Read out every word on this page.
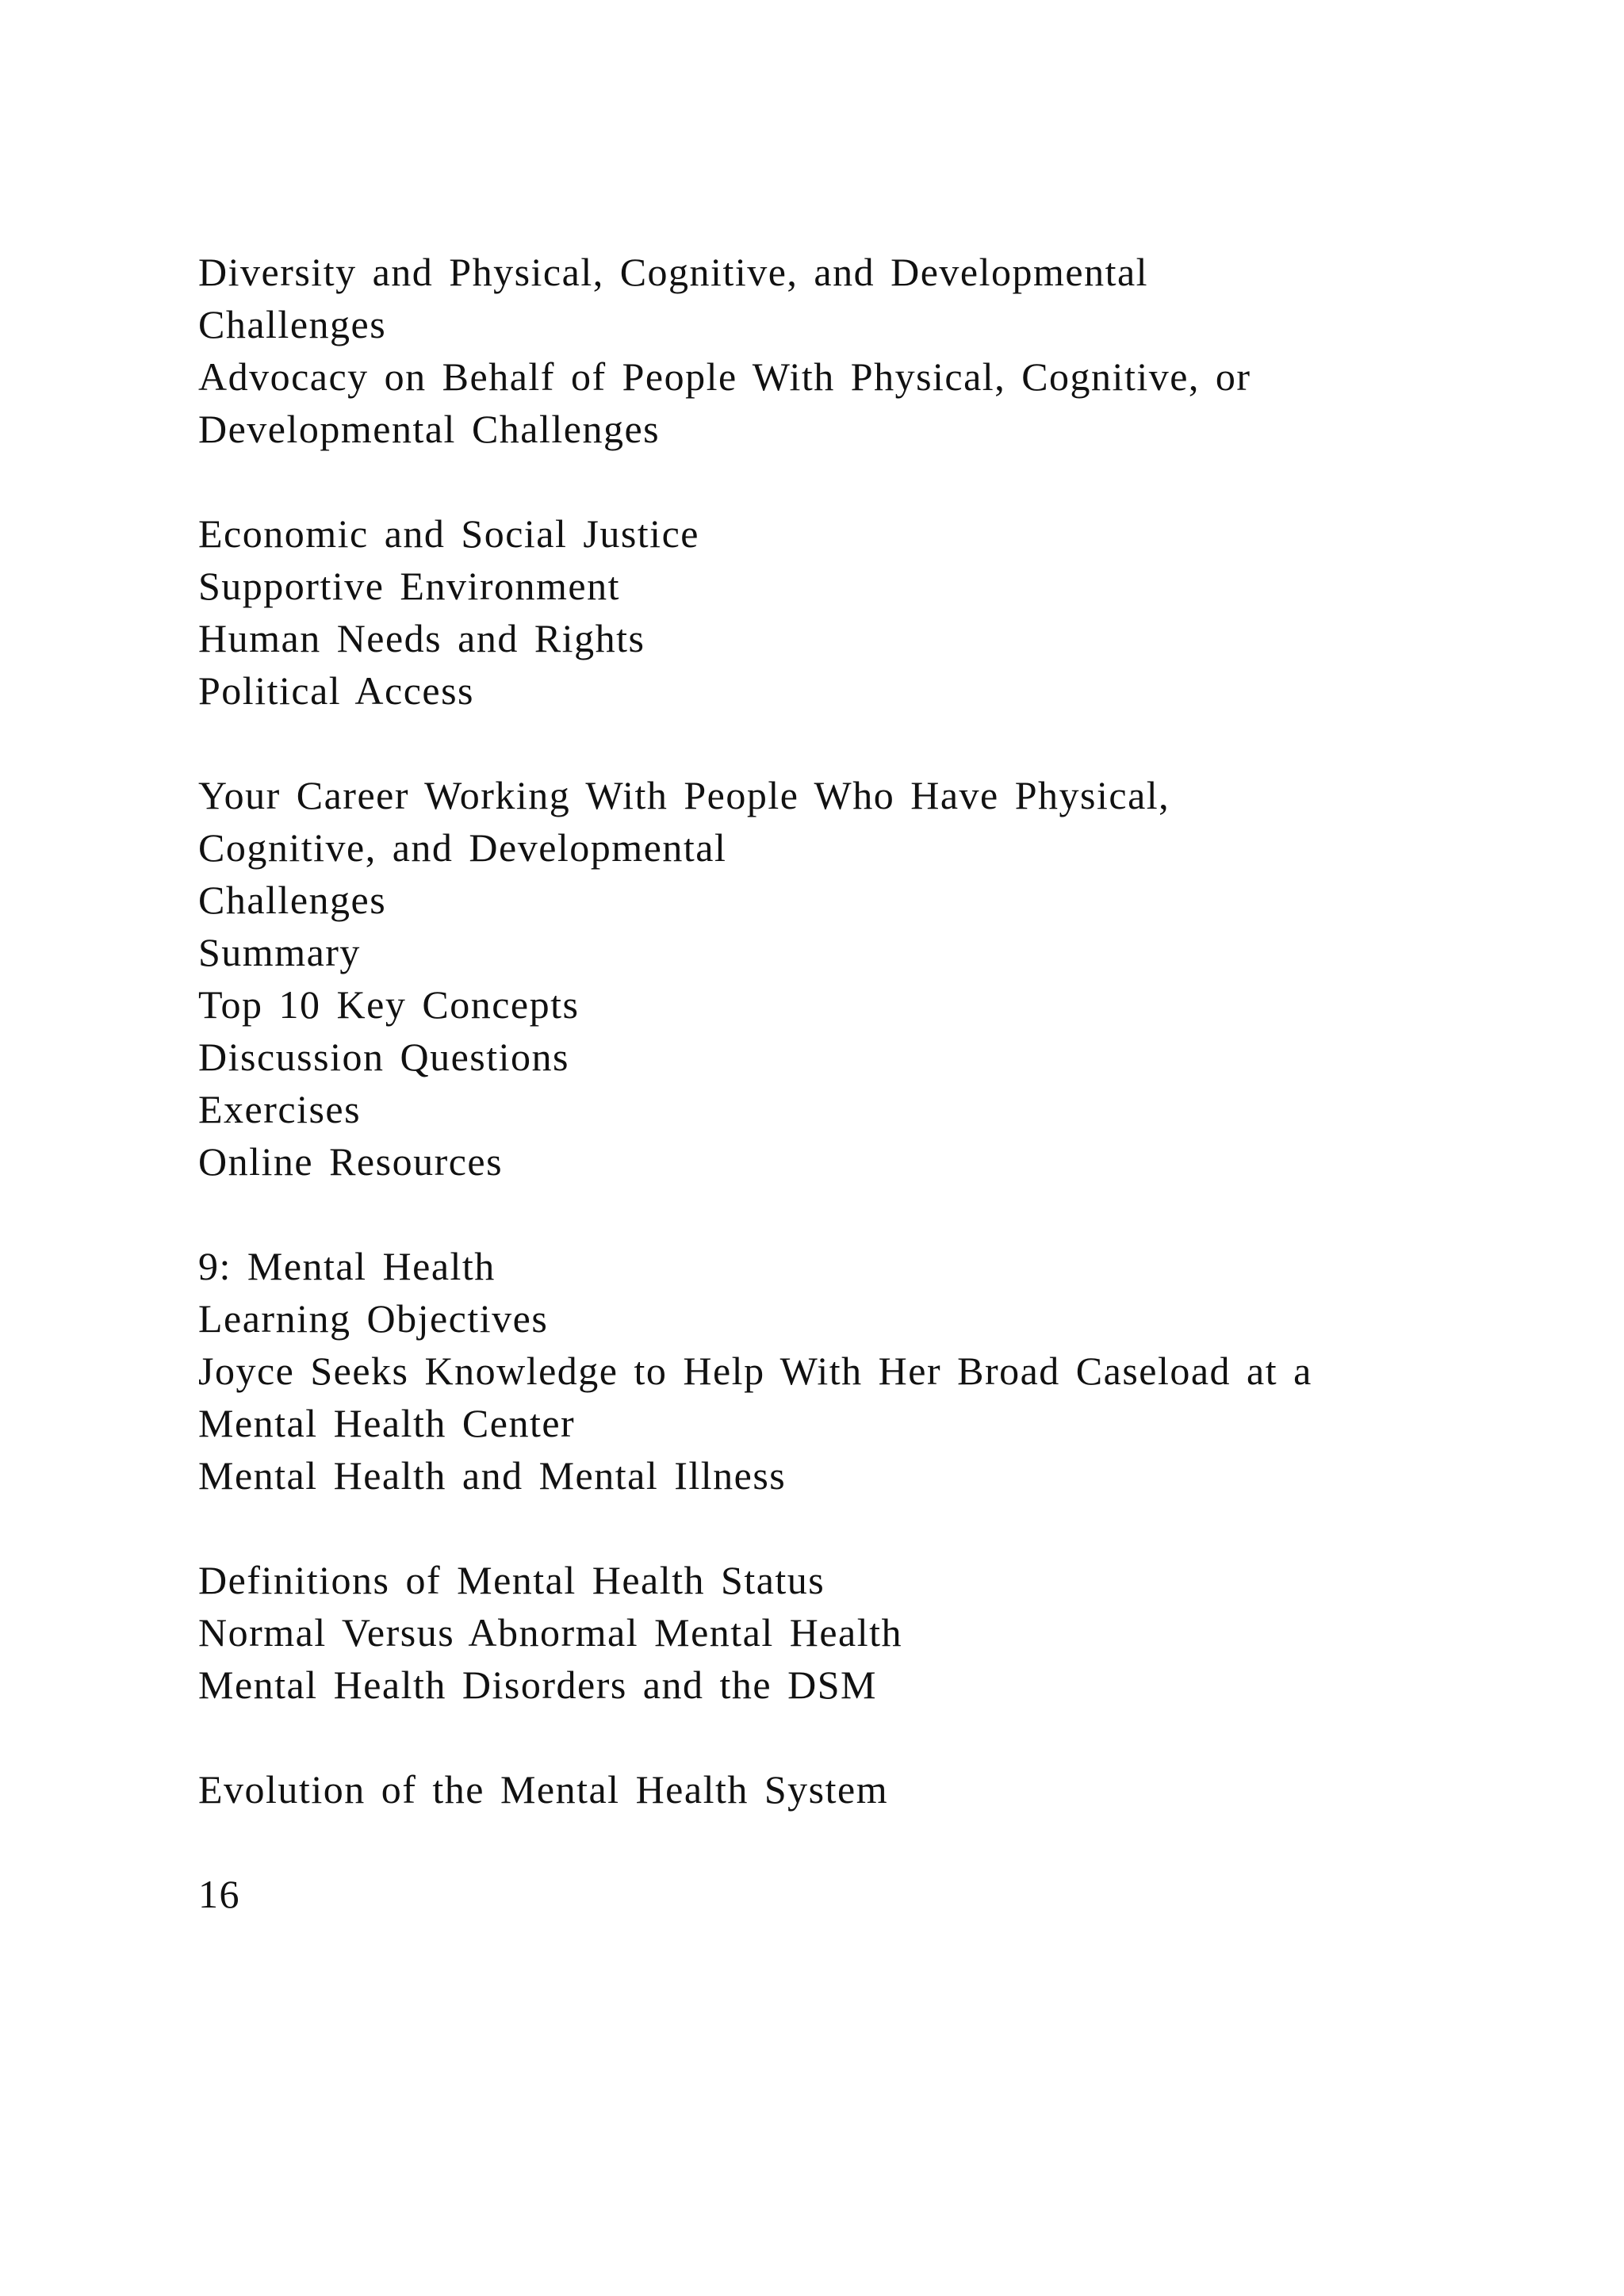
Diversity and Physical, Cognitive, and Developmental
Challenges
Advocacy on Behalf of People With Physical, Cognitive, or
Developmental Challenges
Economic and Social Justice
Supportive Environment
Human Needs and Rights
Political Access
Your Career Working With People Who Have Physical,
Cognitive, and Developmental
Challenges
Summary
Top 10 Key Concepts
Discussion Questions
Exercises
Online Resources
9: Mental Health
Learning Objectives
Joyce Seeks Knowledge to Help With Her Broad Caseload at a
Mental Health Center
Mental Health and Mental Illness
Definitions of Mental Health Status
Normal Versus Abnormal Mental Health
Mental Health Disorders and the DSM
Evolution of the Mental Health System
16
